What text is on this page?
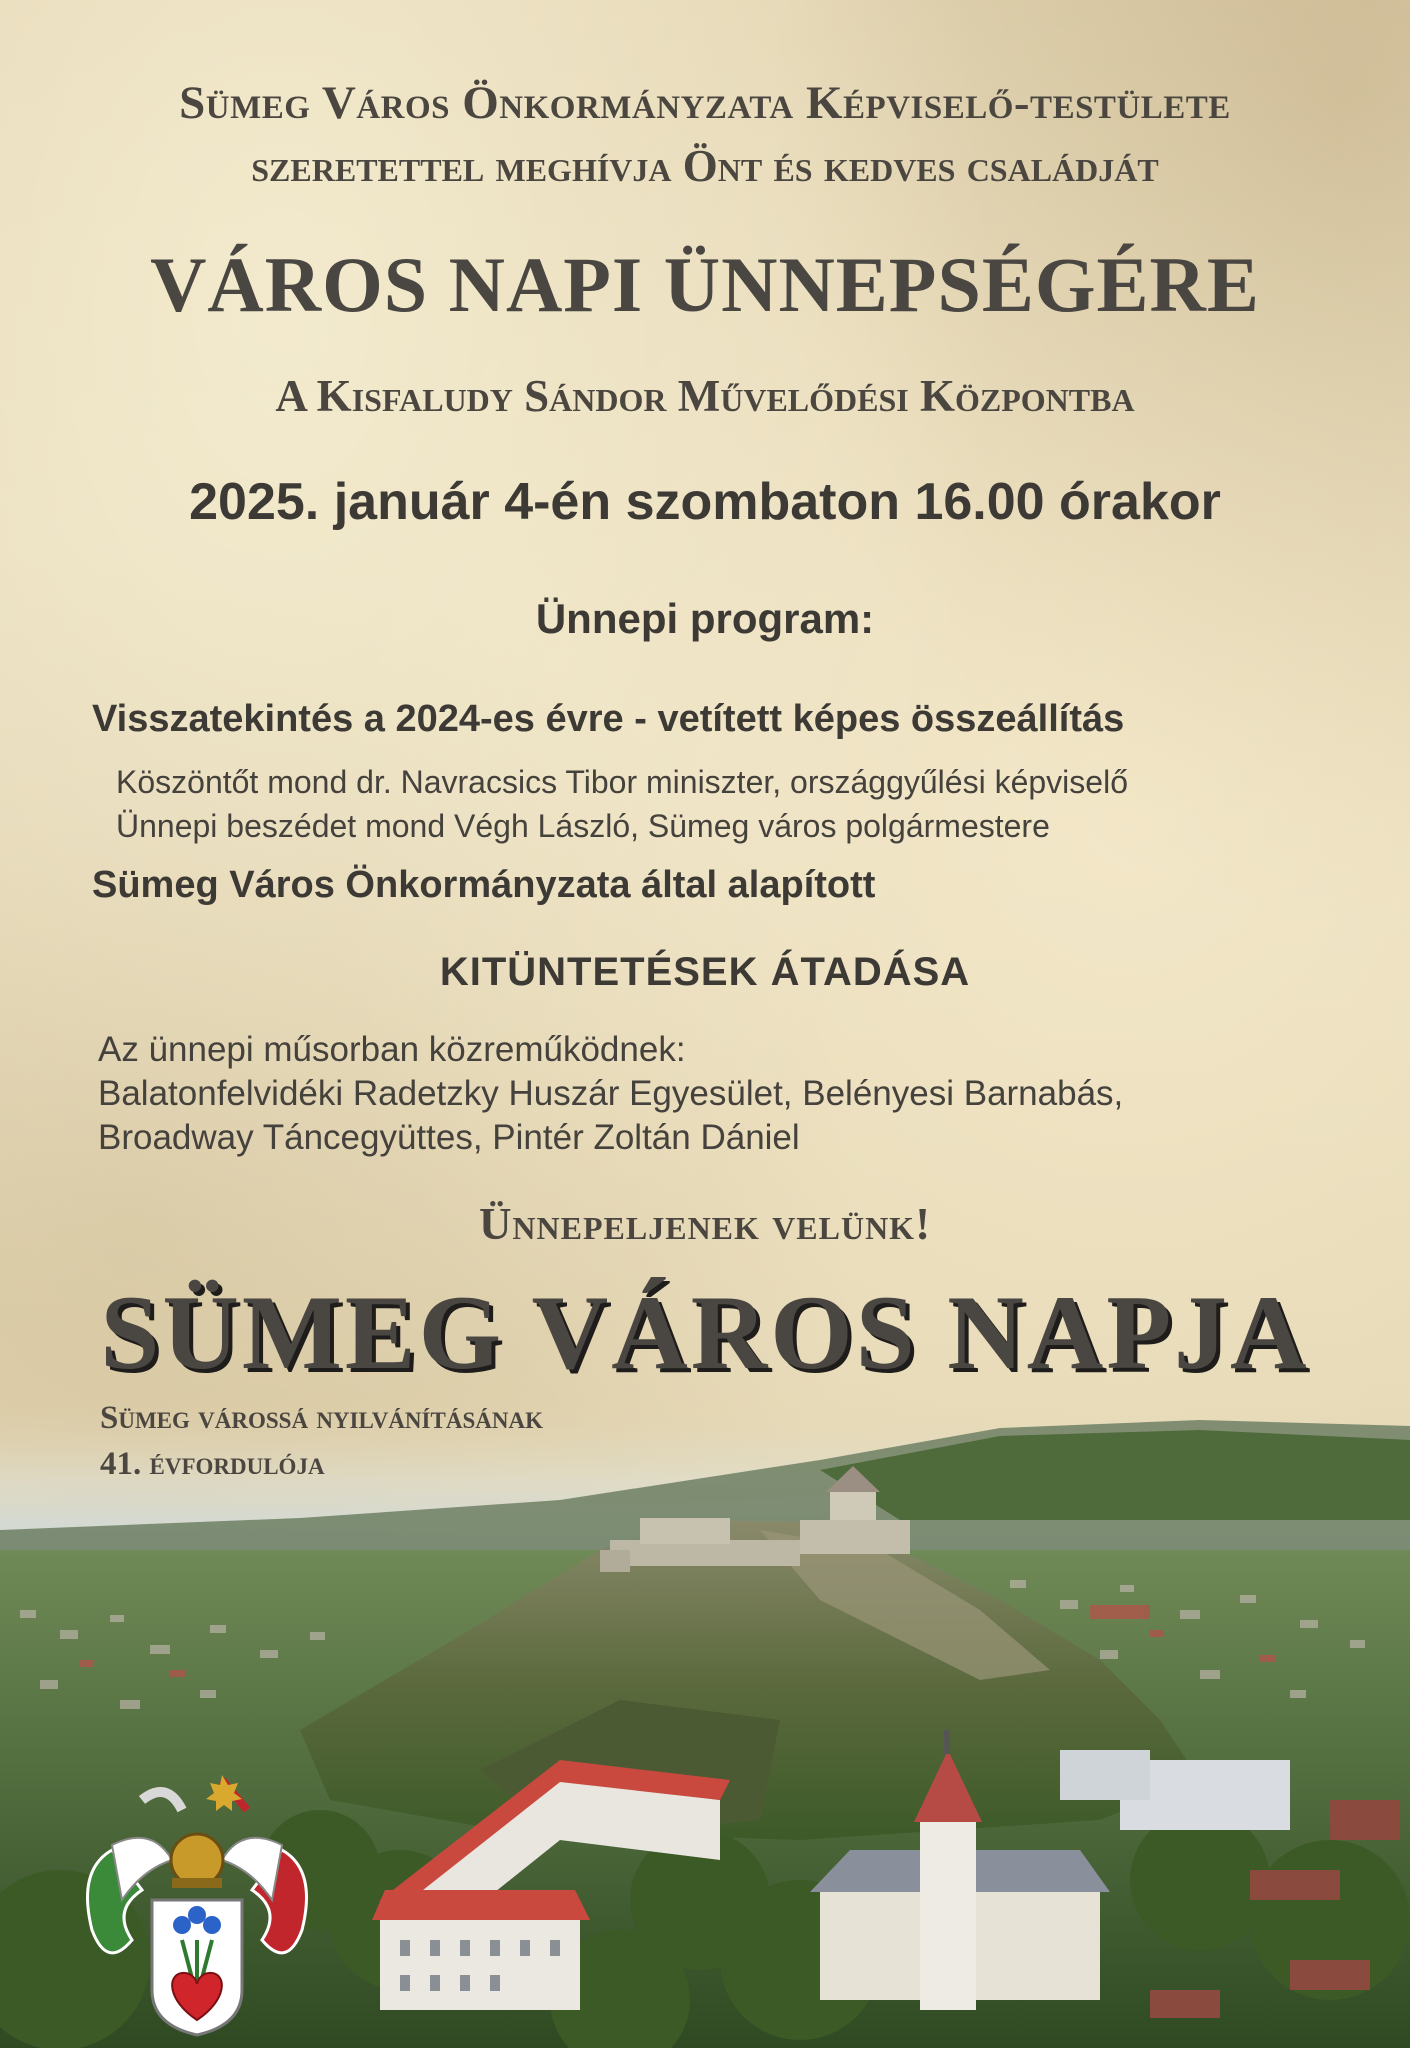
Sümeg Város Önkormányzata Képviselő-testülete
szeretettel meghívja Önt és kedves családját
VÁROS NAPI ÜNNEPSÉGÉRE
A Kisfaludy Sándor Művelődési Központba
2025. január 4-én szombaton 16.00 órakor
Ünnepi program:
Visszatekintés a 2024-es évre - vetített képes összeállítás
Köszöntőt mond dr. Navracsics Tibor miniszter, országgyűlési képviselő
Ünnepi beszédet mond Végh László, Sümeg város polgármestere
Sümeg Város Önkormányzata által alapított
KITÜNTETÉSEK ÁTADÁSA
Az ünnepi műsorban közreműködnek:
Balatonfelvidéki Radetzky Huszár Egyesület, Belényesi Barnabás,
Broadway Táncegyüttes, Pintér Zoltán Dániel
Ünnepeljenek velünk!
SÜMEG VÁROS NAPJA
Sümeg várossá nyilvánításának
41. évfordulója
